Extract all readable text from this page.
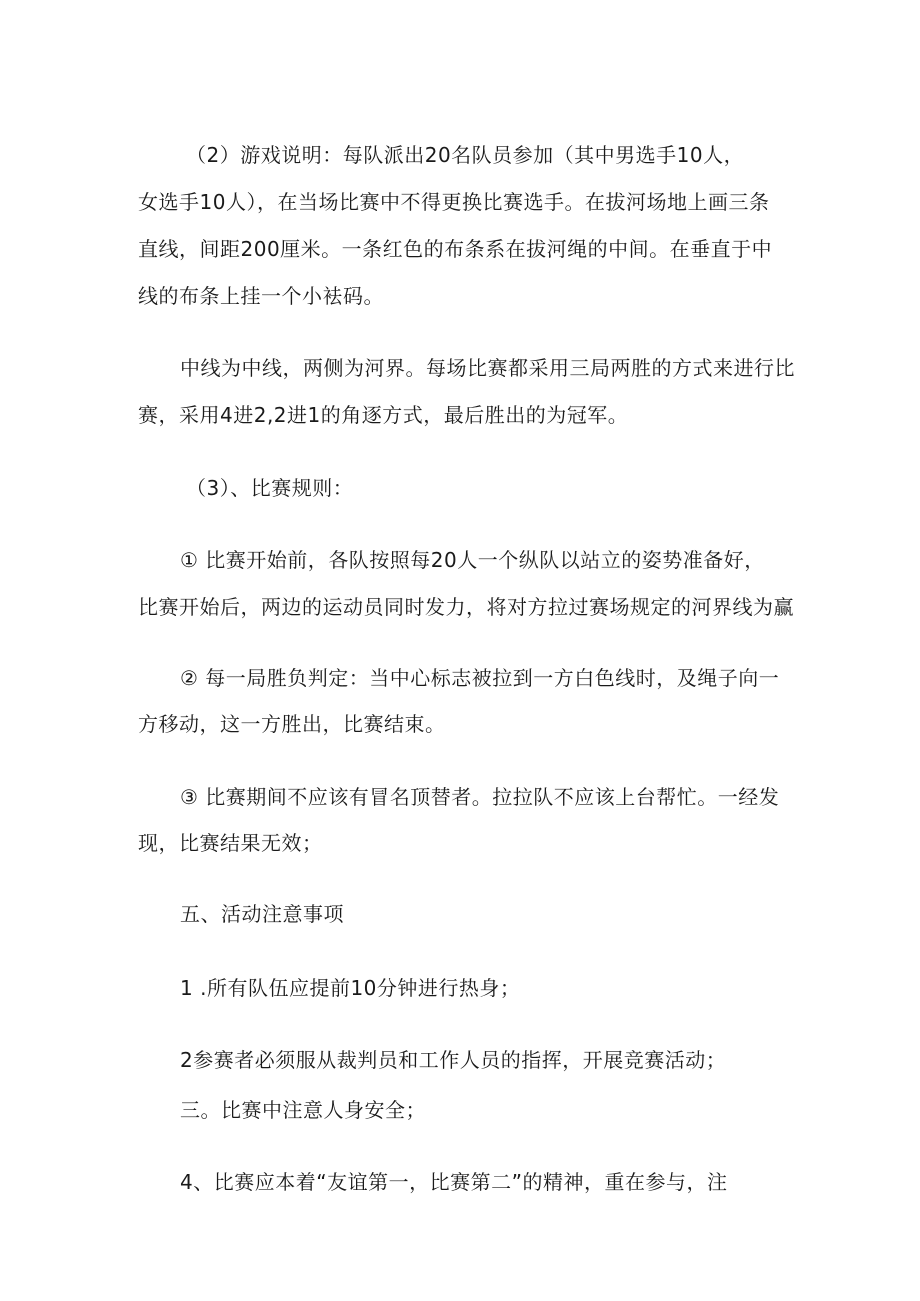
（2）游戏说明：每队派出20名队员参加（其中男选手10人，
女选手10人），在当场比赛中不得更换比赛选手。在拔河场地上画三条
直线，间距200厘米。一条红色的布条系在拔河绳的中间。在垂直于中
线的布条上挂一个小袪码。
中线为中线，两侧为河界。每场比赛都采用三局两胜的方式来进行比
赛，采用4进2,2进1的角逐方式，最后胜出的为冠军。
（3）、比赛规则：
① 比赛开始前，各队按照每20人一个纵队以站立的姿势准备好，
比赛开始后，两边的运动员同时发力，将对方拉过赛场规定的河界线为赢
② 每一局胜负判定：当中心标志被拉到一方白色线时，及绳子向一
方移动，这一方胜出，比赛结束。
③ 比赛期间不应该有冒名顶替者。拉拉队不应该上台帮忙。一经发
现，比赛结果无效；
五、活动注意事项
1 .所有队伍应提前10分钟进行热身；
2参赛者必须服从裁判员和工作人员的指挥，开展竞赛活动；
三。比赛中注意人身安全；
4、比赛应本着“友谊第一，比赛第二”的精神，重在参与，注
